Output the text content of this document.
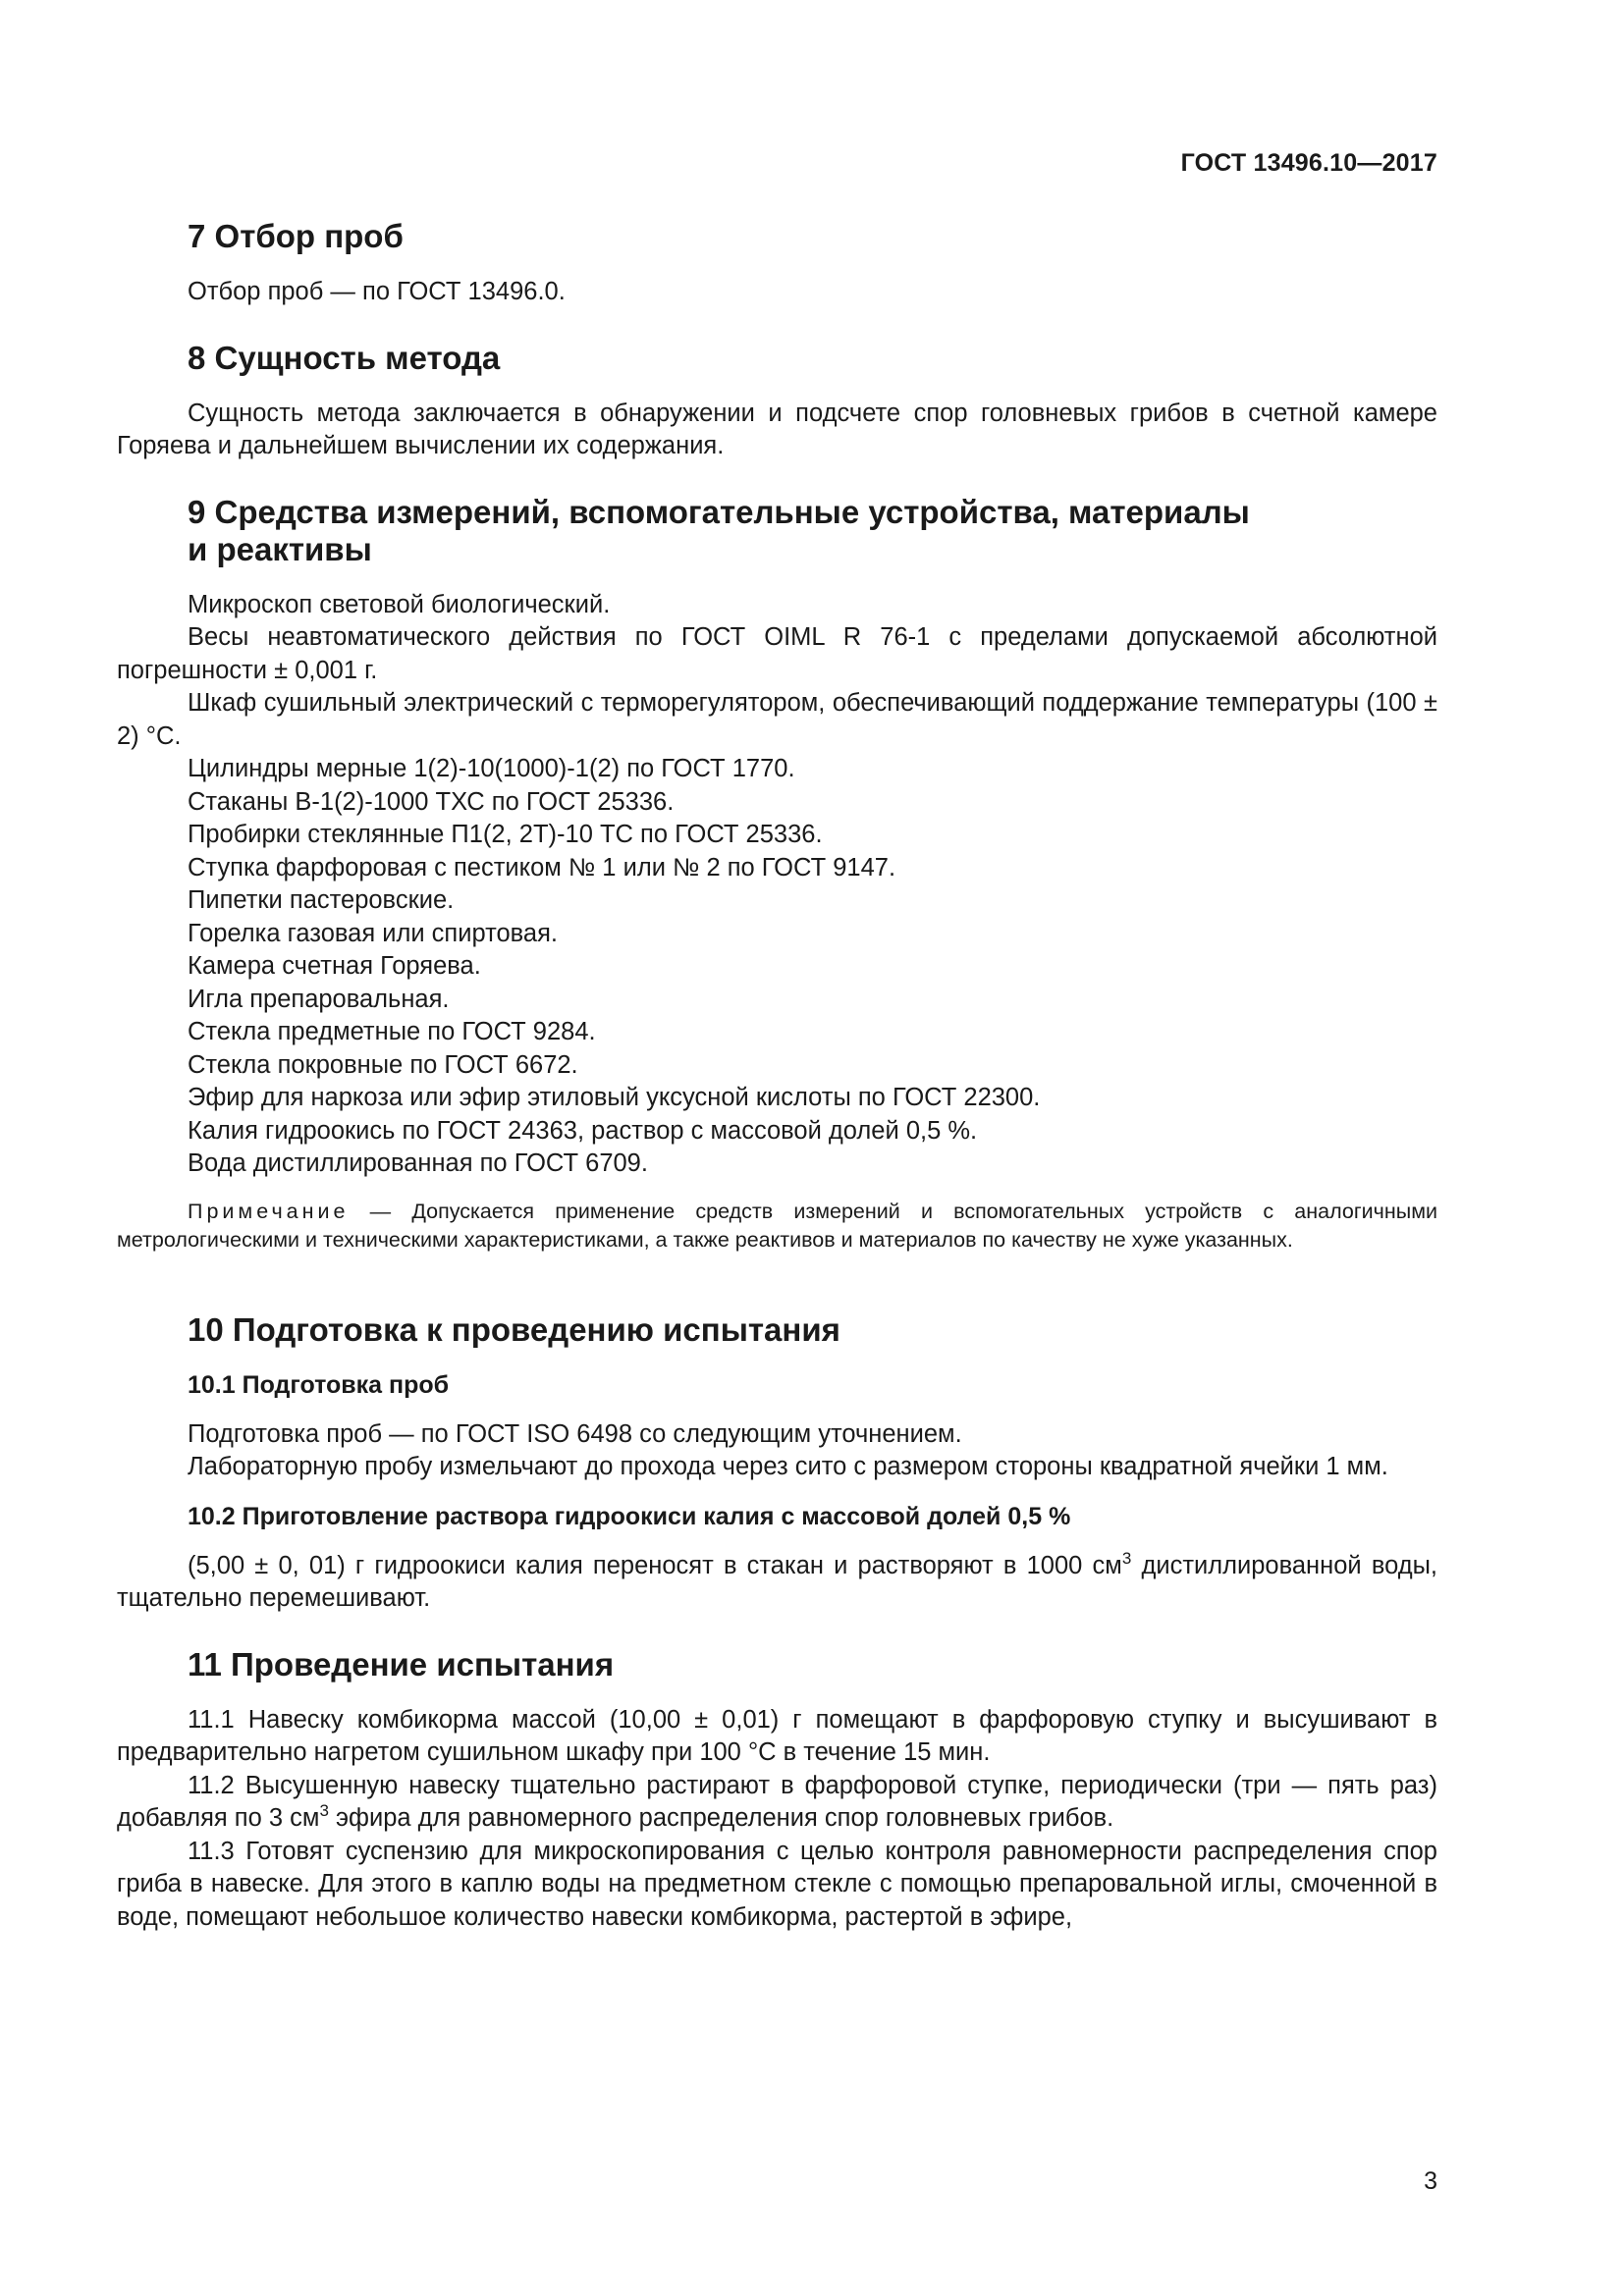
ГОСТ 13496.10—2017
7 Отбор проб

Отбор проб — по ГОСТ 13496.0.

8 Сущность метода

Сущность метода заключается в обнаружении и подсчете спор головневых грибов в счетной камере Горяева и дальнейшем вычислении их содержания.

9 Средства измерений, вспомогательные устройства, материалы
и реактивы

Микроскоп световой биологический.

Весы неавтоматического действия по ГОСТ OIML R 76-1 с пределами допускаемой абсолютной погрешности ± 0,001 г.

Шкаф сушильный электрический с терморегулятором, обеспечивающий поддержание температуры (100 ± 2) °С.

Цилиндры мерные 1(2)-10(1000)-1(2) по ГОСТ 1770.

Стаканы В-1(2)-1000 ТХС по ГОСТ 25336.

Пробирки стеклянные П1(2, 2Т)-10 ТС по ГОСТ 25336.

Ступка фарфоровая с пестиком № 1 или № 2 по ГОСТ 9147.

Пипетки пастеровские.

Горелка газовая или спиртовая.

Камера счетная Горяева.

Игла препаровальная.

Стекла предметные по ГОСТ 9284.

Стекла покровные по ГОСТ 6672.

Эфир для наркоза или эфир этиловый уксусной кислоты по ГОСТ 22300.

Калия гидроокись по ГОСТ 24363, раствор с массовой долей 0,5 %.

Вода дистиллированная по ГОСТ 6709.

Примечание — Допускается применение средств измерений и вспомогательных устройств с аналогичными метрологическими и техническими характеристиками, а также реактивов и материалов по качеству не хуже указанных.

10 Подготовка к проведению испытания
10.1 Подготовка проб

Подготовка проб — по ГОСТ ISO 6498 со следующим уточнением.

Лабораторную пробу измельчают до прохода через сито с размером стороны квадратной ячейки 1 мм.

10.2 Приготовление раствора гидроокиси калия с массовой долей 0,5 %

(5,00 ± 0, 01) г гидроокиси калия переносят в стакан и растворяют в 1000 $см^3$ дистиллированной воды, тщательно перемешивают.

11 Проведение испытания

11.1 Навеску комбикорма массой (10,00 ± 0,01) г помещают в фарфоровую ступку и высушивают в предварительно нагретом сушильном шкафу при 100 °С в течение 15 мин.

11.2 Высушенную навеску тщательно растирают в фарфоровой ступке, периодически (три — пять раз) добавляя по 3 $см^3$ эфира для равномерного распределения спор головневых грибов.

11.3 Готовят суспензию для микроскопирования с целью контроля равномерности распределения спор гриба в навеске. Для этого в каплю воды на предметном стекле с помощью препаровальной иглы, смоченной в воде, помещают небольшое количество навески комбикорма, растертой в эфире,

3
